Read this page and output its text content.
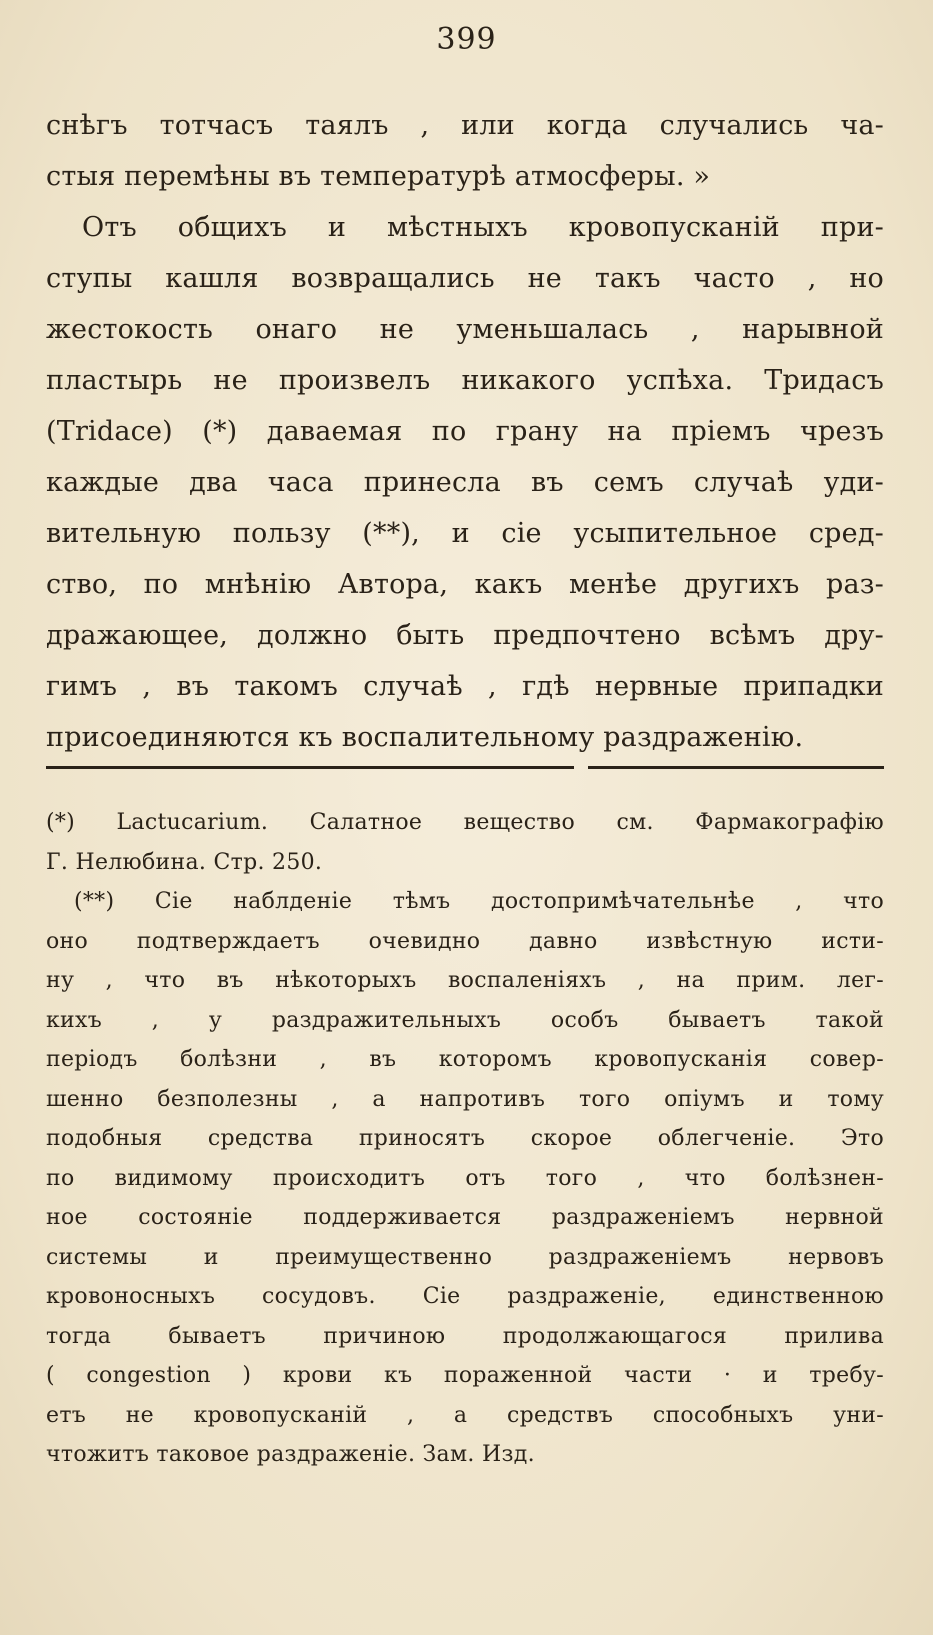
399
снѣгъ тотчасъ таялъ , или когда случались ча-
стыя перемѣны въ температурѣ атмосферы. »
Отъ общихъ и мѣстныхъ кровопусканій при-
ступы кашля возвращались не такъ часто , но
жестокость онаго не уменьшалась , нарывной
пластырь не произвелъ никакого успѣха. Тридасъ
(Tridace) (*) даваемая по грану на пріемъ чрезъ
каждые два часа принесла въ семъ случаѣ уди-
вительную пользу (**), и сіе усыпительное сред-
ство, по мнѣнію Автора, какъ менѣе другихъ раз-
дражающее, должно быть предпочтено всѣмъ дру-
гимъ , въ такомъ случаѣ , гдѣ нервные припадки
присоединяются къ воспалительному раздраженію.
(*) Lactucarium. Салатное вещество см. Фармакографію
Г. Нелюбина. Стр. 250.
(**) Сіе наблденіе тѣмъ достопримѣчательнѣе , что
оно подтверждаетъ очевидно давно извѣстную исти-
ну , что въ нѣкоторыхъ воспаленіяхъ , на прим. лег-
кихъ , у раздражительныхъ особъ бываетъ такой
періодъ болѣзни , въ которомъ кровопусканія совер-
шенно безполезны , а напротивъ того опіумъ и тому
подобныя средства приносятъ скорое облегченіе. Это
по видимому происходитъ отъ того , что болѣзнен-
ное состояніе поддерживается раздраженіемъ нервной
системы и преимущественно раздраженіемъ нервовъ
кровоносныхъ сосудовъ. Сіе раздраженіе, единственною
тогда бываетъ причиною продолжающагося прилива
( congestion ) крови къ пораженной части · и требу-
етъ не кровопусканій , а средствъ способныхъ уни-
чтожитъ таковое раздраженіе. Зам. Изд.
